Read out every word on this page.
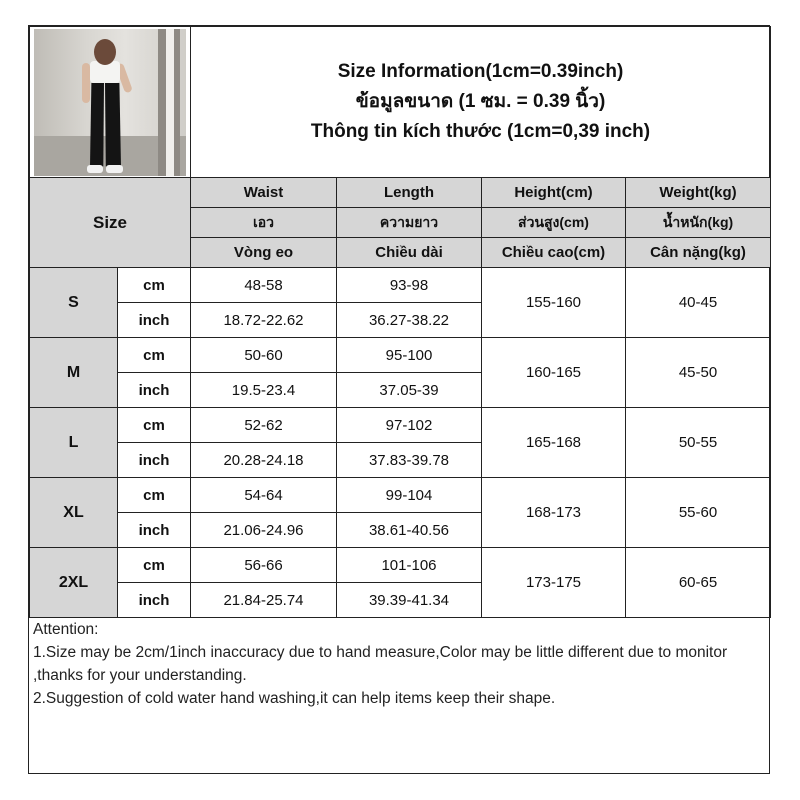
		Size Information(1cm=0.39inch)
ข้อมูลขนาด (1 ซม. = 0.39 นิ้ว)
Thông tin kích thước (1cm=0,39 inch)			

Size		Waist	Length	Height(cm)	Weight(kg)
		เอว	ความยาว	ส่วนสูง(cm)	น้ำหนัก(kg)
		Vòng eo	Chiều dài	Chiều cao(cm)	Cân nặng(kg)
S	cm	48-58	93-98	155-160	40-45
	inch	18.72-22.62	36.27-38.22		
M	cm	50-60	95-100	160-165	45-50
	inch	19.5-23.4	37.05-39		
L	cm	52-62	97-102	165-168	50-55
	inch	20.28-24.18	37.83-39.78		
XL	cm	54-64	99-104	168-173	55-60
	inch	21.06-24.96	38.61-40.56		
2XL	cm	56-66	101-106	173-175	60-65
	inch	21.84-25.74	39.39-41.34		
Attention:
1.Size may be 2cm/1inch inaccuracy due to hand measure,Color may be little different due to monitor ,thanks for your understanding.
2.Suggestion of cold water hand washing,it can help items keep their shape.
